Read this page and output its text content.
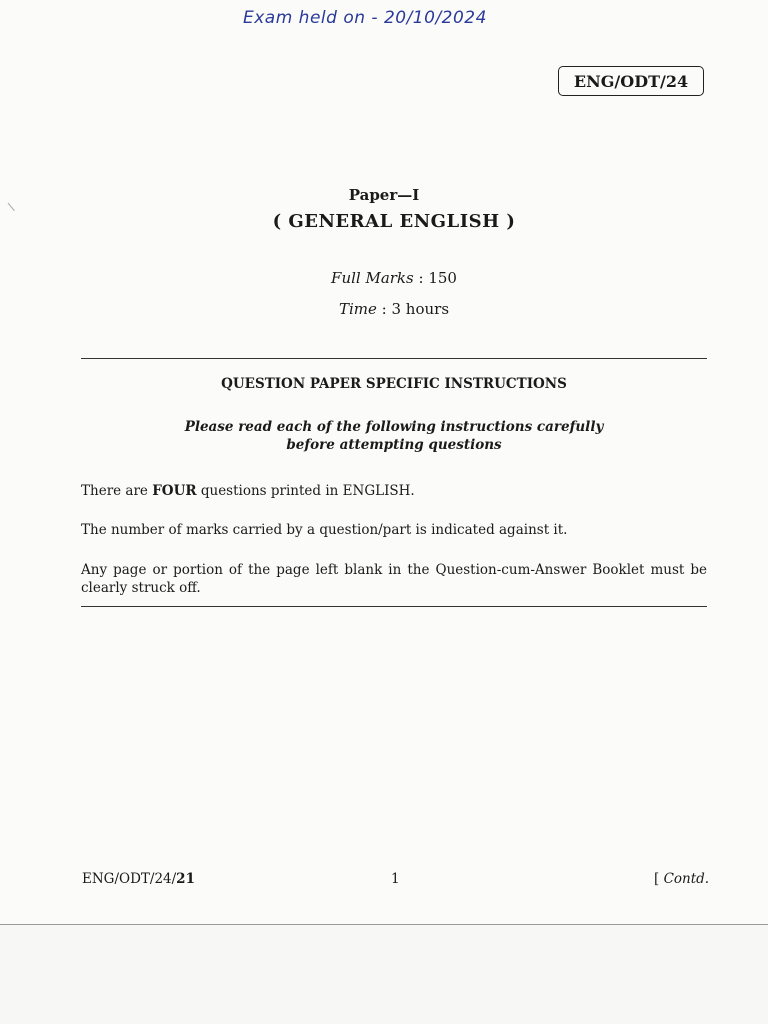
Exam held on - 20/10/2024
ENG/ODT/24
Paper—I
( GENERAL ENGLISH )
Full Marks : 150
Time : 3 hours
QUESTION PAPER SPECIFIC INSTRUCTIONS
Please read each of the following instructions carefully
before attempting questions
There are FOUR questions printed in ENGLISH.
The number of marks carried by a question/part is indicated against it.
Any page or portion of the page left blank in the Question-cum-Answer Booklet must be clearly struck off.
ENG/ODT/24/21	1	[ Contd.
